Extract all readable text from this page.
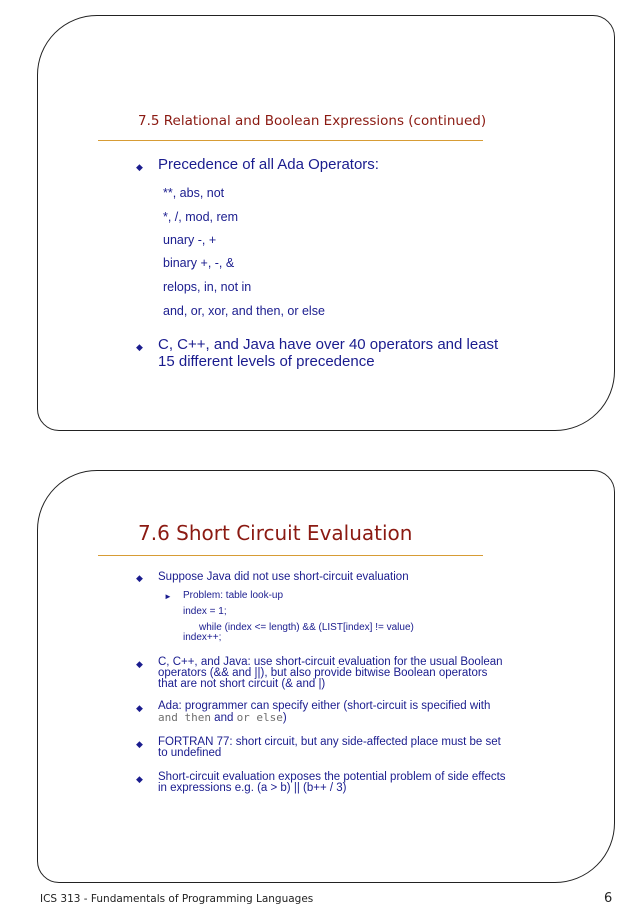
7.5 Relational and Boolean Expressions (continued)
◆ Precedence of all Ada Operators:
**, abs, not
*, /, mod, rem
unary -, +
binary +, -, &
relops, in, not in
and, or, xor, and then, or else
◆ C, C++, and Java have over 40 operators and least
15 different levels of precedence
7.6 Short Circuit Evaluation
◆ Suppose Java did not use short-circuit evaluation
► Problem: table look-up
index = 1;
while (index <= length) && (LIST[index] != value)
index++;
◆ C, C++, and Java: use short-circuit evaluation for the usual Boolean
operators (&& and ||), but also provide bitwise Boolean operators
that are not short circuit (& and |)
◆ Ada: programmer can specify either (short-circuit is specified with
and then and or else)
◆ FORTRAN 77: short circuit, but any side-affected place must be set
to undefined
◆ Short-circuit evaluation exposes the potential problem of side effects
in expressions e.g. (a > b) || (b++ / 3)
ICS 313 - Fundamentals of Programming Languages	6
